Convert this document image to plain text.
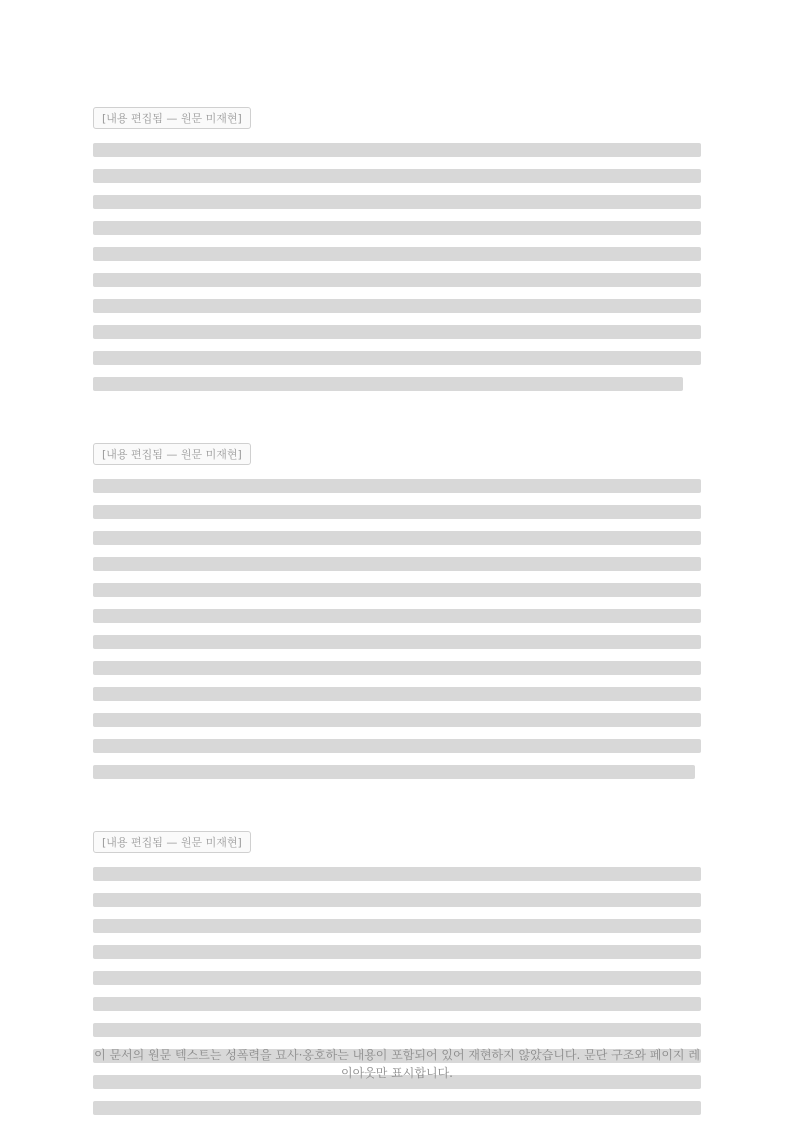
[내용 편집됨 — 원문 미재현]
[내용 편집됨 — 원문 미재현]
[내용 편집됨 — 원문 미재현]
이 문서의 원문 텍스트는 성폭력을 묘사·옹호하는 내용이 포함되어 있어 재현하지 않았습니다. 문단 구조와 페이지 레이아웃만 표시합니다.
